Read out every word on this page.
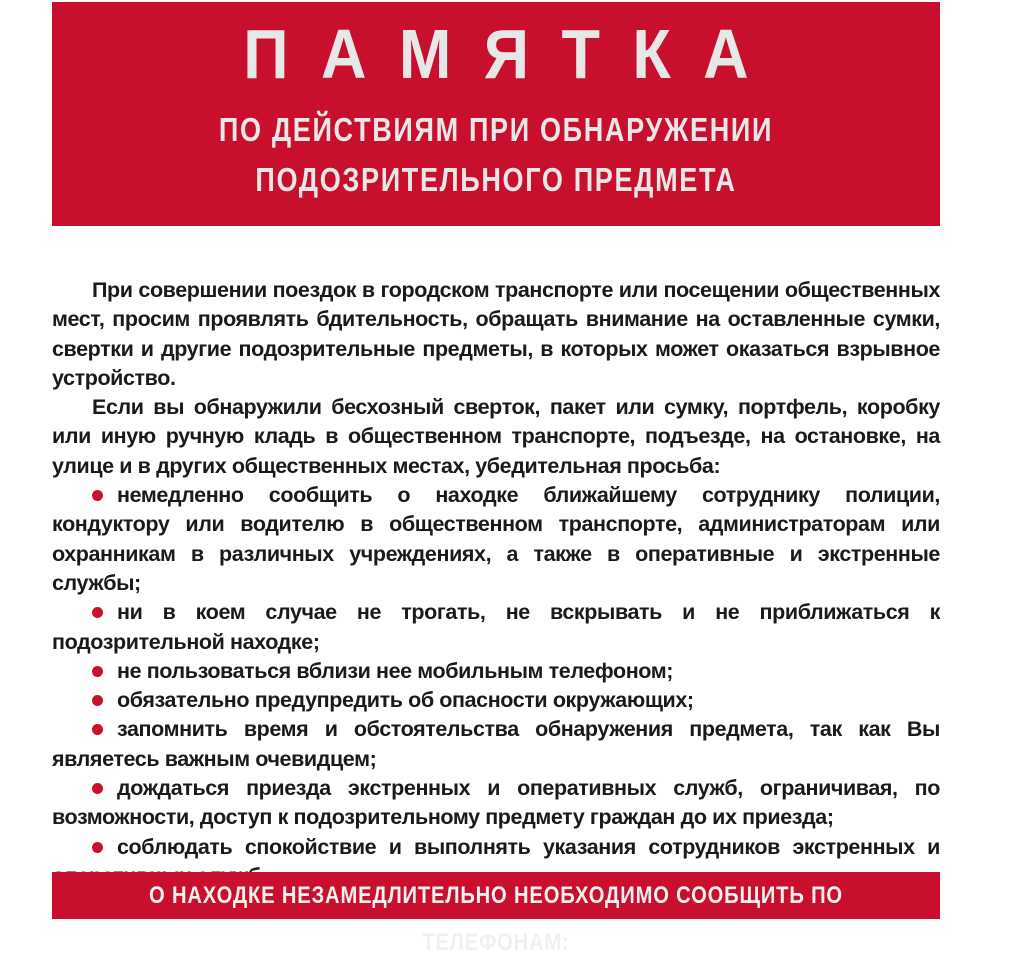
ПАМЯТКА
ПО ДЕЙСТВИЯМ ПРИ ОБНАРУЖЕНИИ
ПОДОЗРИТЕЛЬНОГО ПРЕДМЕТА

При совершении поездок в городском транспорте или посещении общественных мест, просим проявлять бдительность, обращать внимание на оставленные сумки, свертки и другие подозрительные предметы, в которых может оказаться взрывное устройство.

Если вы обнаружили бесхозный сверток, пакет или сумку, портфель, коробку или иную ручную кладь в общественном транспорте, подъезде, на остановке, на улице и в других общественных местах, убедительная просьба:

немедленно сообщить о находке ближайшему сотруднику полиции, кондуктору или водителю в общественном транспорте, администраторам или охранникам в различных учреждениях, а также в оперативные и экстренные службы;
ни в коем случае не трогать, не вскрывать и не приближаться к подозрительной находке;
не пользоваться вблизи нее мобильным телефоном;
обязательно предупредить об опасности окружающих;
запомнить время и обстоятельства обнаружения предмета, так как Вы являетесь важным очевидцем;
дождаться приезда экстренных и оперативных служб, ограничивая, по возможности, доступ к подозрительному предмету граждан до их приезда;
соблюдать спокойствие и выполнять указания сотрудников экстренных и
О НАХОДКЕ НЕЗАМЕДЛИТЕЛЬНО НЕОБХОДИМО СООБЩИТЬ ПО ТЕЛЕФОНАМ:
